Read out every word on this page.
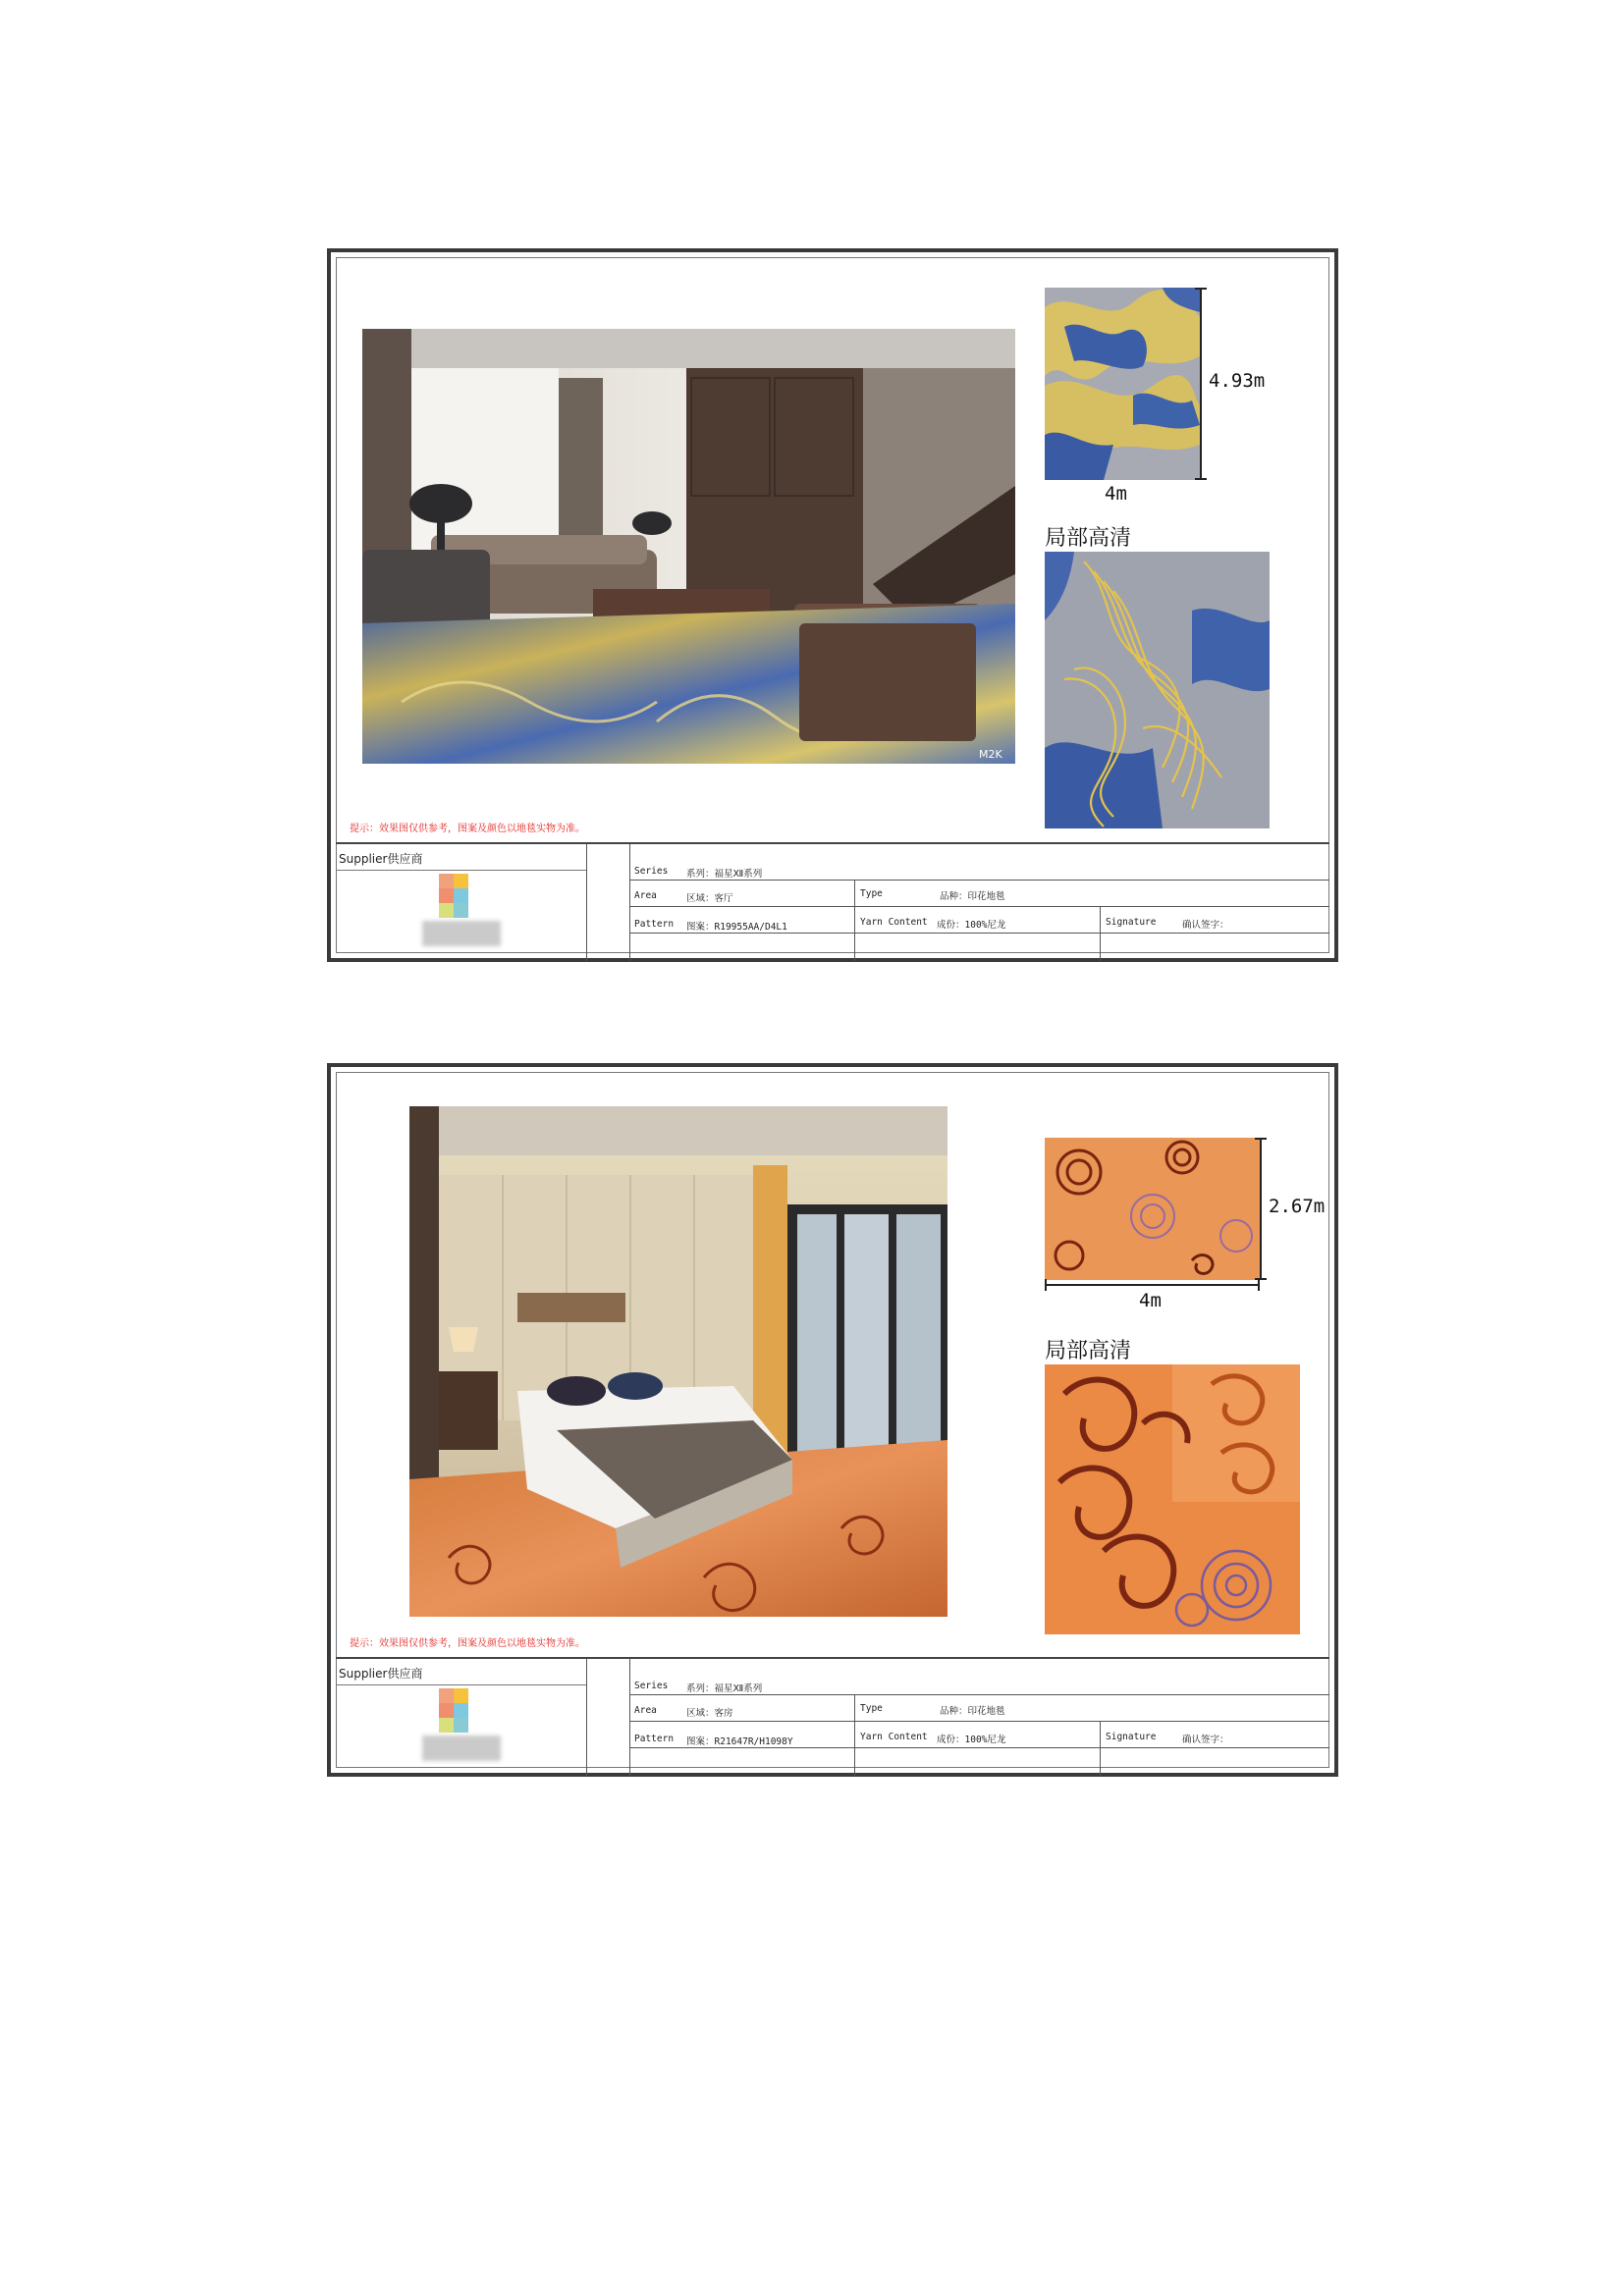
M2K
4.93m
4m
局部高清
提示：效果图仅供参考，图案及颜色以地毯实物为准。
Supplier供应商
Series 系列：福星Ⅻ系列
Area	区域：客厅	Type	品种：印花地毯
Pattern 图案：R19955AA/D4L1	Yarn Content 成份：100%尼龙	Signature	确认签字：
2.67m
4m
局部高清
提示：效果图仅供参考，图案及颜色以地毯实物为准。
Supplier供应商
Series 系列：福星Ⅻ系列
Area	区域：客房	Type	品种：印花地毯
Pattern 图案：R21647R/H1098Y	Yarn Content 成份：100%尼龙	Signature	确认签字：
